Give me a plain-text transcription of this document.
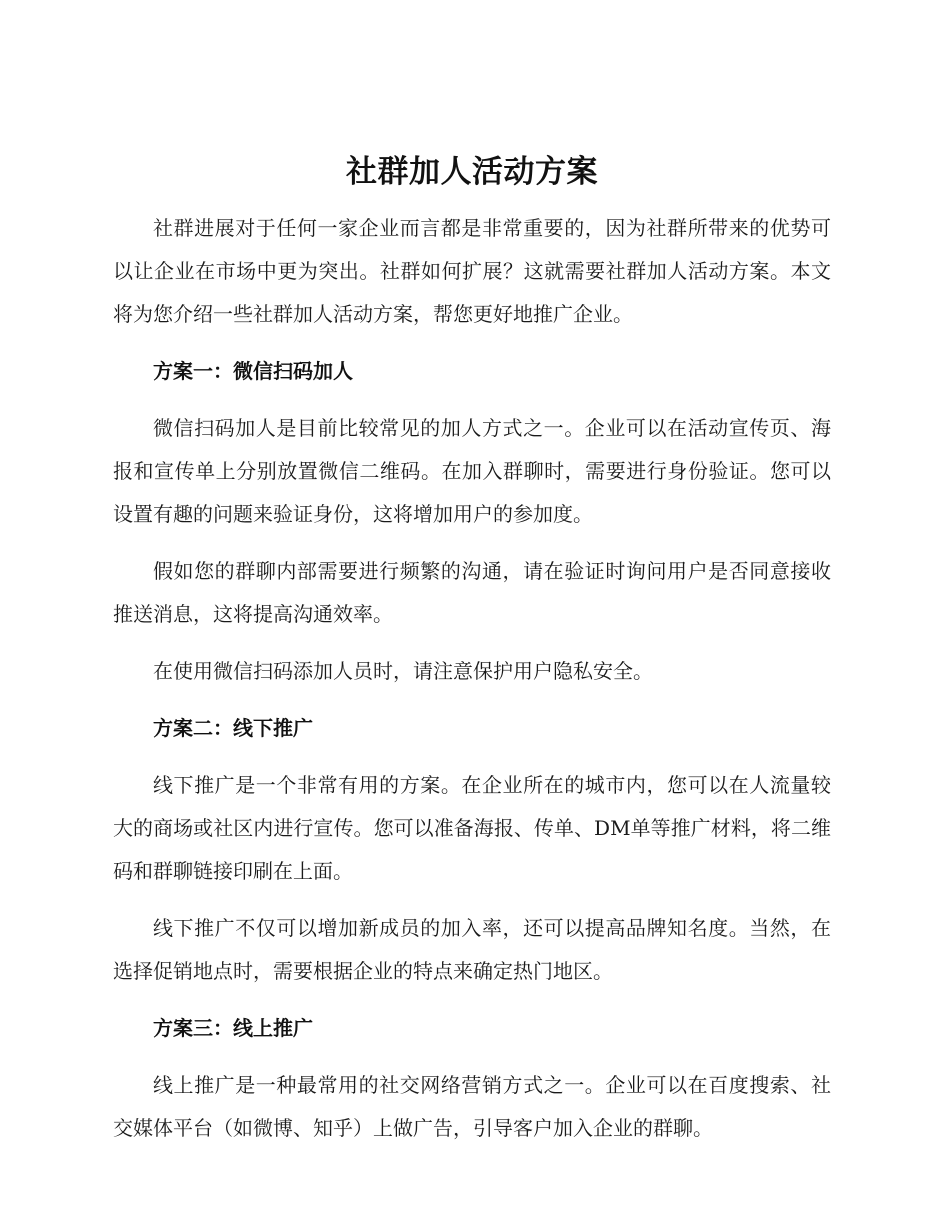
社群加人活动方案

社群进展对于任何一家企业而言都是非常重要的，因为社群所带来的优势可以让企业在市场中更为突出。社群如何扩展？这就需要社群加人活动方案。本文将为您介绍一些社群加人活动方案，帮您更好地推广企业。

方案一：微信扫码加人

微信扫码加人是目前比较常见的加人方式之一。企业可以在活动宣传页、海报和宣传单上分别放置微信二维码。在加入群聊时，需要进行身份验证。您可以设置有趣的问题来验证身份，这将增加用户的参加度。

假如您的群聊内部需要进行频繁的沟通，请在验证时询问用户是否同意接收推送消息，这将提高沟通效率。

在使用微信扫码添加人员时，请注意保护用户隐私安全。

方案二：线下推广

线下推广是一个非常有用的方案。在企业所在的城市内，您可以在人流量较大的商场或社区内进行宣传。您可以准备海报、传单、DM单等推广材料，将二维码和群聊链接印刷在上面。

线下推广不仅可以增加新成员的加入率，还可以提高品牌知名度。当然，在选择促销地点时，需要根据企业的特点来确定热门地区。

方案三：线上推广

线上推广是一种最常用的社交网络营销方式之一。企业可以在百度搜索、社交媒体平台（如微博、知乎）上做广告，引导客户加入企业的群聊。
